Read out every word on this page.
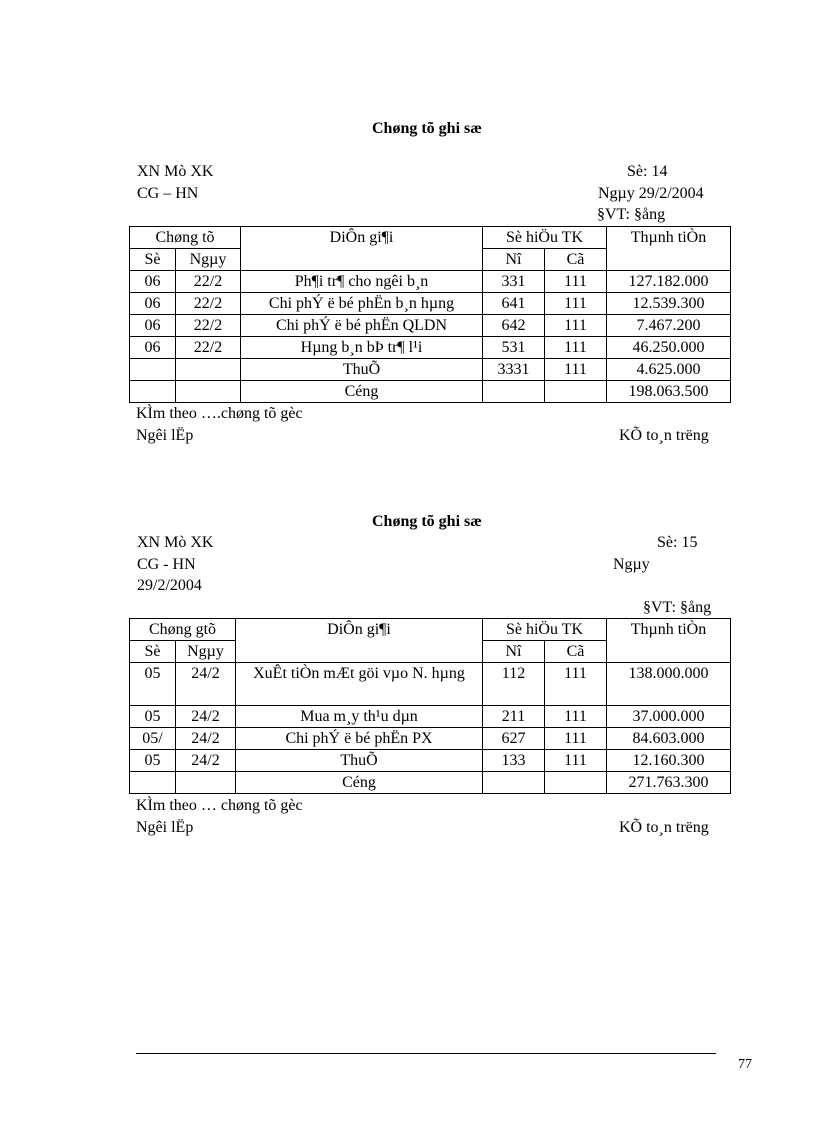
Chøng tõ ghi sæ
XN Mò XK	Sè: 14
CG – HN	Ngµy 29/2/2004
§VT: §ång
Chøng tõ		DiÔn gi¶i	Sè hiÖu TK		Thµnh tiÒn
Sè	Ngµy		Nî	Cã	
06	22/2	Ph¶i tr¶ cho ngêi b¸n	331	111	127.182.000
06	22/2	Chi phÝ ë bé phËn b¸n hµng	641	111	12.539.300
06	22/2	Chi phÝ ë bé phËn QLDN	642	111	7.467.200
06	22/2	Hµng b¸n bÞ tr¶ l¹i	531	111	46.250.000
		ThuÕ	3331	111	4.625.000
		Céng			198.063.500
KÌm theo ….chøng tõ gèc
Ngêi lËp	KÕ to¸n trëng
Chøng tõ ghi sæ
XN Mò XK	Sè: 15
CG - HN	Ngµy
29/2/2004
§VT: §ång
Chøng gtõ		DiÔn gi¶i	Sè hiÖu TK		Thµnh tiÒn
Sè	Ngµy		Nî	Cã	
05	24/2	XuÊt tiÒn mÆt göi vµo N. hµng	112	111	138.000.000
05	24/2	Mua m¸y th¹u dµn	211	111	37.000.000
05/	24/2	Chi phÝ ë bé phËn PX	627	111	84.603.000
05	24/2	ThuÕ	133	111	12.160.300
		Céng			271.763.300
KÌm theo … chøng tõ gèc
Ngêi lËp	KÕ to¸n trëng
77
